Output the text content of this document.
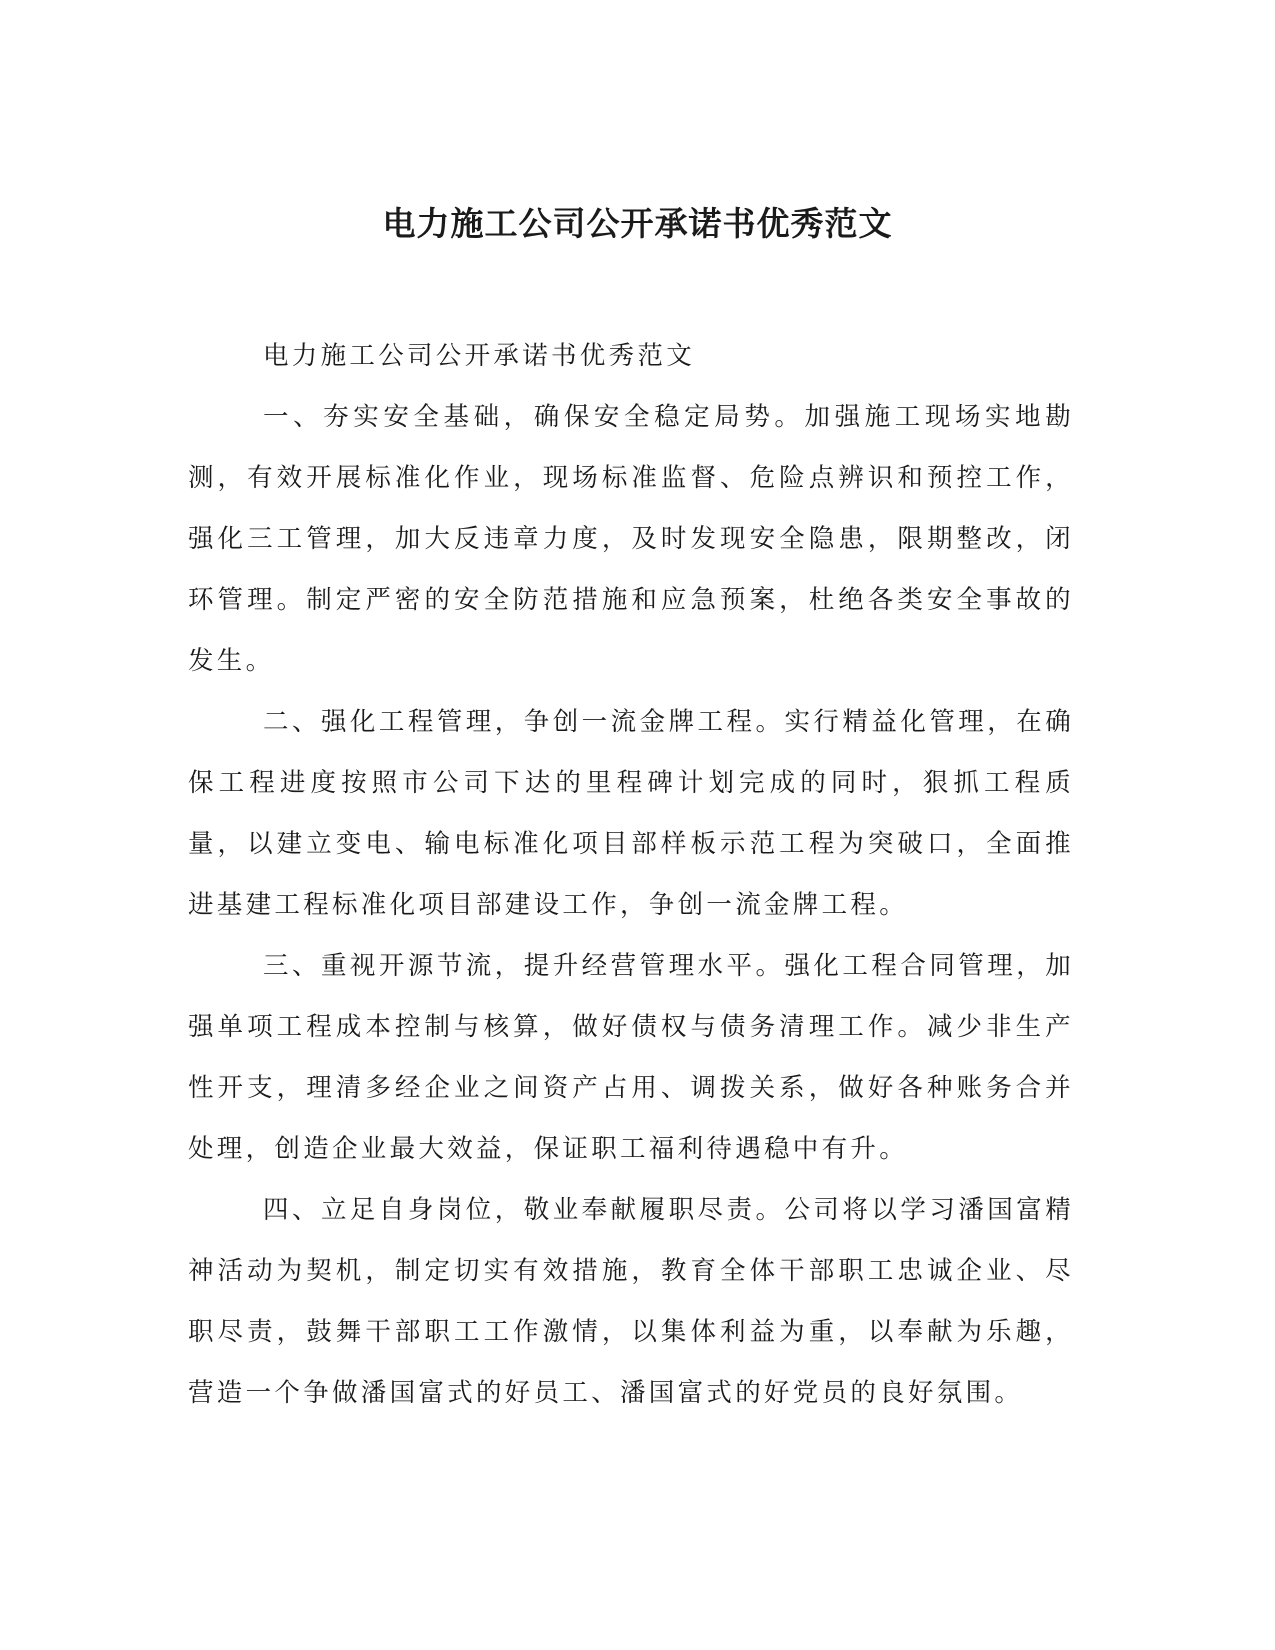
电力施工公司公开承诺书优秀范文

电力施工公司公开承诺书优秀范文

一、夯实安全基础，确保安全稳定局势。加强施工现场实地勘测，有效开展标准化作业，现场标准监督、危险点辨识和预控工作，强化三工管理，加大反违章力度，及时发现安全隐患，限期整改，闭环管理。制定严密的安全防范措施和应急预案，杜绝各类安全事故的发生。

二、强化工程管理，争创一流金牌工程。实行精益化管理，在确保工程进度按照市公司下达的里程碑计划完成的同时，狠抓工程质量，以建立变电、输电标准化项目部样板示范工程为突破口，全面推进基建工程标准化项目部建设工作，争创一流金牌工程。

三、重视开源节流，提升经营管理水平。强化工程合同管理，加强单项工程成本控制与核算，做好债权与债务清理工作。减少非生产性开支，理清多经企业之间资产占用、调拨关系，做好各种账务合并处理，创造企业最大效益，保证职工福利待遇稳中有升。

四、立足自身岗位，敬业奉献履职尽责。公司将以学习潘国富精神活动为契机，制定切实有效措施，教育全体干部职工忠诚企业、尽职尽责，鼓舞干部职工工作激情，以集体利益为重，以奉献为乐趣，营造一个争做潘国富式的好员工、潘国富式的好党员的良好氛围。
